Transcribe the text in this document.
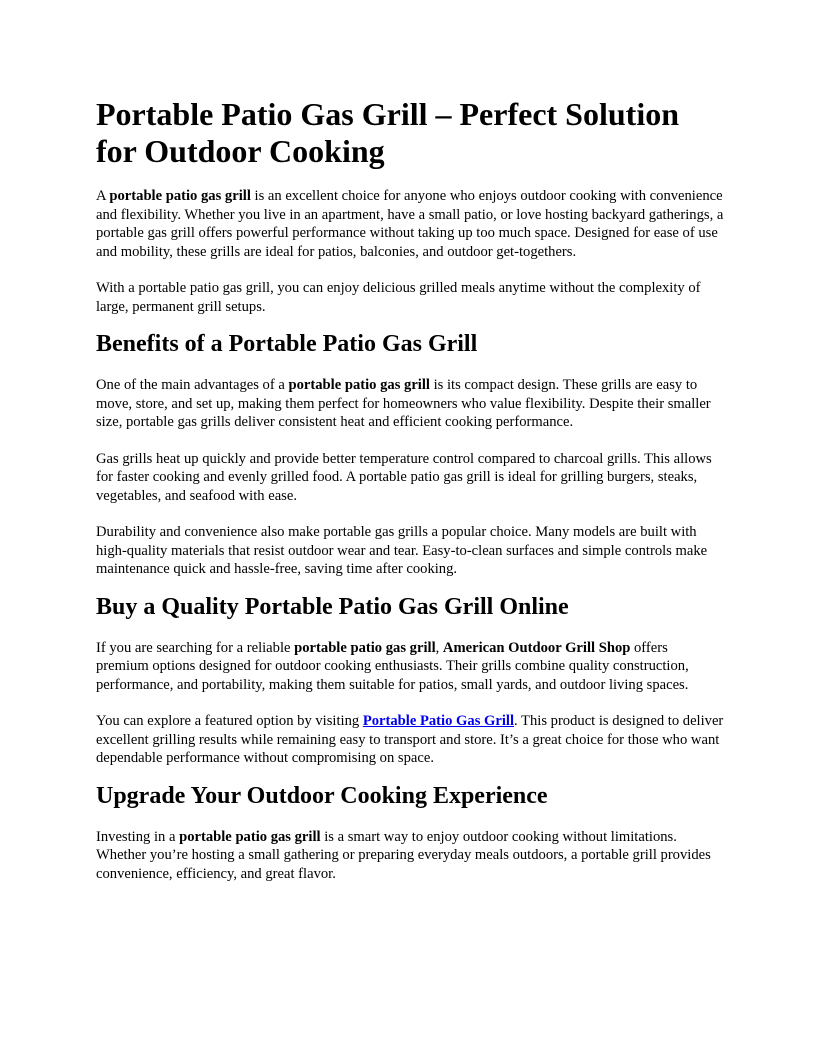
Portable Patio Gas Grill – Perfect Solution for Outdoor Cooking

A portable patio gas grill is an excellent choice for anyone who enjoys outdoor cooking with convenience and flexibility. Whether you live in an apartment, have a small patio, or love hosting backyard gatherings, a portable gas grill offers powerful performance without taking up too much space. Designed for ease of use and mobility, these grills are ideal for patios, balconies, and outdoor get-togethers.

With a portable patio gas grill, you can enjoy delicious grilled meals anytime without the complexity of large, permanent grill setups.

Benefits of a Portable Patio Gas Grill

One of the main advantages of a portable patio gas grill is its compact design. These grills are easy to move, store, and set up, making them perfect for homeowners who value flexibility. Despite their smaller size, portable gas grills deliver consistent heat and efficient cooking performance.

Gas grills heat up quickly and provide better temperature control compared to charcoal grills. This allows for faster cooking and evenly grilled food. A portable patio gas grill is ideal for grilling burgers, steaks, vegetables, and seafood with ease.

Durability and convenience also make portable gas grills a popular choice. Many models are built with high-quality materials that resist outdoor wear and tear. Easy-to-clean surfaces and simple controls make maintenance quick and hassle-free, saving time after cooking.

Buy a Quality Portable Patio Gas Grill Online

If you are searching for a reliable portable patio gas grill, American Outdoor Grill Shop offers premium options designed for outdoor cooking enthusiasts. Their grills combine quality construction, performance, and portability, making them suitable for patios, small yards, and outdoor living spaces.

You can explore a featured option by visiting Portable Patio Gas Grill. This product is designed to deliver excellent grilling results while remaining easy to transport and store. It’s a great choice for those who want dependable performance without compromising on space.

Upgrade Your Outdoor Cooking Experience

Investing in a portable patio gas grill is a smart way to enjoy outdoor cooking without limitations. Whether you’re hosting a small gathering or preparing everyday meals outdoors, a portable grill provides convenience, efficiency, and great flavor.
